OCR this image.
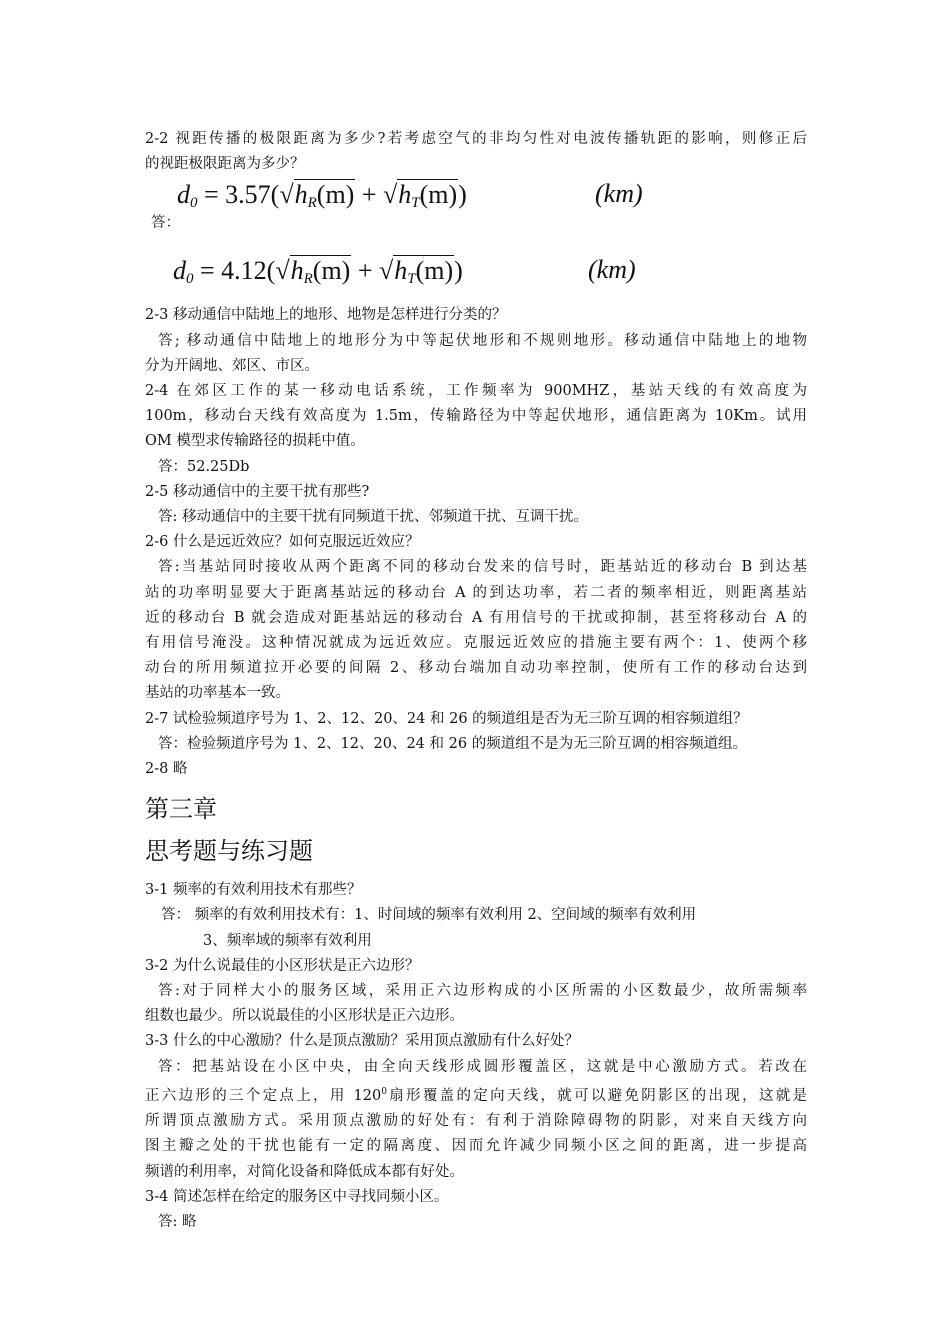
2-2 视距传播的极限距离为多少?若考虑空气的非均匀性对电波传播轨距的影响，则修正后
的视距极限距离为多少？
答：
$d_0 = 3.57(√h_R(m) + √h_T(m))$	(km)
$d_0 = 4.12(√h_R(m) + √h_T(m))$	(km)
2-3 移动通信中陆地上的地形、地物是怎样进行分类的？
答; 移动通信中陆地上的地形分为中等起伏地形和不规则地形。移动通信中陆地上的地物
分为开阔地、郊区、市区。
2-4 在郊区工作的某一移动电话系统，工作频率为 900MHZ，基站天线的有效高度为
100m，移动台天线有效高度为 1.5m，传输路径为中等起伏地形，通信距离为 10Km。试用
OM 模型求传输路径的损耗中值。
答：52.25Db
2-5 移动通信中的主要干扰有那些?
答: 移动通信中的主要干扰有同频道干扰、邻频道干扰、互调干扰。
2-6 什么是远近效应？如何克服远近效应？
答:当基站同时接收从两个距离不同的移动台发来的信号时，距基站近的移动台 B 到达基
站的功率明显要大于距离基站远的移动台 A 的到达功率，若二者的频率相近，则距离基站
近的移动台 B 就会造成对距基站远的移动台 A 有用信号的干扰或抑制，甚至将移动台 A 的
有用信号淹没。这种情况就成为远近效应。克服远近效应的措施主要有两个：1、使两个移
动台的所用频道拉开必要的间隔 2、移动台端加自动功率控制，使所有工作的移动台达到
基站的功率基本一致。
2-7 试检验频道序号为 1、2、12、20、24 和 26 的频道组是否为无三阶互调的相容频道组？
答：检验频道序号为 1、2、12、20、24 和 26 的频道组不是为无三阶互调的相容频道组。
2-8 略
第三章
思考题与练习题
3-1 频率的有效利用技术有那些？
答： 频率的有效利用技术有：1、时间域的频率有效利用 2、空间域的频率有效利用
3、频率域的频率有效利用
3-2 为什么说最佳的小区形状是正六边形？
答:对于同样大小的服务区域，采用正六边形构成的小区所需的小区数最少，故所需频率
组数也最少。所以说最佳的小区形状是正六边形。
3-3 什么的中心激励？什么是顶点激励？采用顶点激励有什么好处？
答：把基站设在小区中央，由全向天线形成圆形覆盖区，这就是中心激励方式。若改在
正六边形的三个定点上，用 $120^0$扇形覆盖的定向天线，就可以避免阴影区的出现，这就是
所谓顶点激励方式。采用顶点激励的好处有：有利于消除障碍物的阴影，对来自天线方向
图主瓣之处的干扰也能有一定的隔离度、因而允许减少同频小区之间的距离，进一步提高
频谱的利用率，对简化设备和降低成本都有好处。
3-4 简述怎样在给定的服务区中寻找同频小区。
答: 略
